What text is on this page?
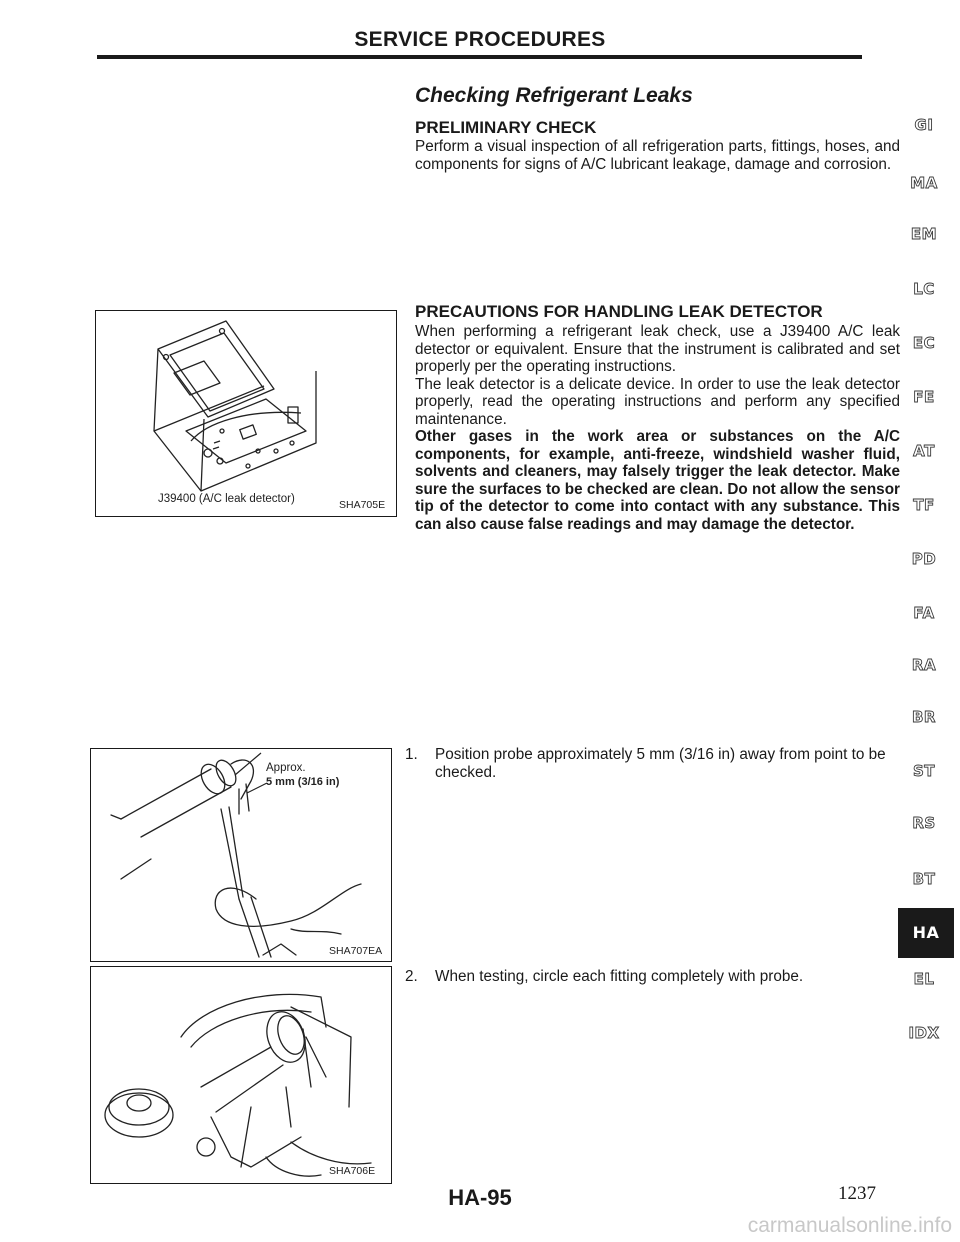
SERVICE PROCEDURES
Checking Refrigerant Leaks
PRELIMINARY CHECK

Perform a visual inspection of all refrigeration parts, fittings, hoses, and components for signs of A/C lubricant leakage, damage and corrosion.

PRECAUTIONS FOR HANDLING LEAK DETECTOR

When performing a refrigerant leak check, use a J39400 A/C leak detector or equivalent. Ensure that the instrument is calibrated and set properly per the operating instructions.

The leak detector is a delicate device. In order to use the leak detector properly, read the operating instructions and perform any specified maintenance.

Other gases in the work area or substances on the A/C components, for example, anti-freeze, windshield washer fluid, solvents and cleaners, may falsely trigger the leak detector. Make sure the surfaces to be checked are clean. Do not allow the sensor tip of the detector to come into contact with any substance. This can also cause false readings and may damage the detector.

1.	Position probe approximately 5 mm (3/16 in) away from point to be checked.
2.	When testing, circle each fitting completely with probe.
J39400 (A/C leak detector)	SHA705E
Approx.
5 mm (3/16 in)
SHA707EA
SHA706E
GI
MA
EM
LC
EC
FE
AT
TF
PD
FA
RA
BR
ST
RS
BT
HA
EL
IDX
HA-95	1237
carmanualsonline.info
